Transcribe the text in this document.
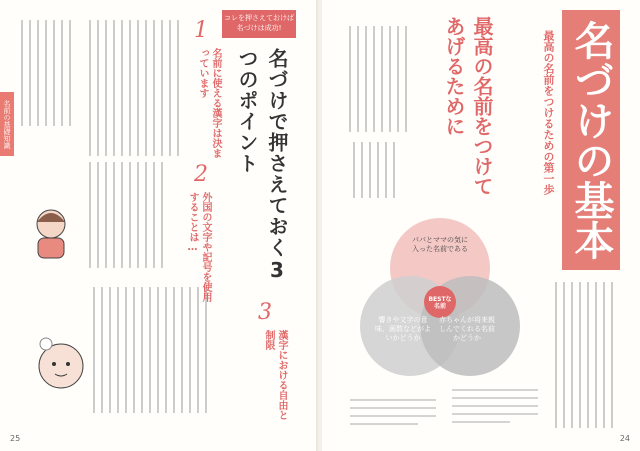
名前の基礎知識
1
名前に使える漢字は決まっています
2
外国の文字や記号を使用することは…
3
漢字における自由と制限
コレを押さえておけば名づけは成功!
名づけで押さえておく3つのポイント
25
最高の名前をつけてあげるために
パパとママの気に入った名前である
響きや文字の意味、画数などがよいかどうか
赤ちゃんが将来親しんでくれる名前かどうか
BESTな名前
最高の名前をつけるための第一歩 名づけの基本
24
